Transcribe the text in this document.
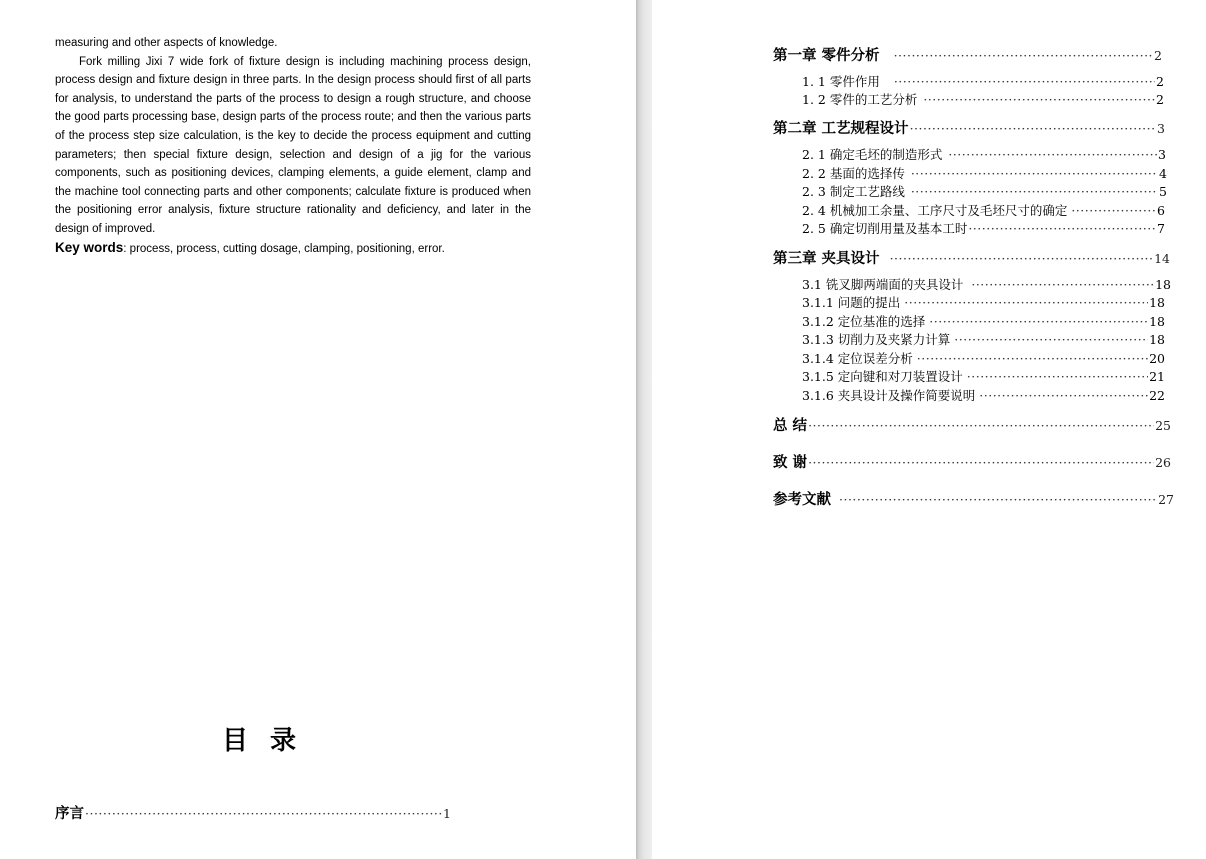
measuring and other aspects of knowledge.

Fork milling Jixi 7 wide fork of fixture design is including machining process design, process design and fixture design in three parts. In the design process should first of all parts for analysis, to understand the parts of the process to design a rough structure, and choose the good parts processing base, design parts of the process route; and then the various parts of the process step size calculation, is the key to decide the process equipment and cutting parameters; then special fixture design, selection and design of a jig for the various components, such as positioning devices, clamping elements, a guide element, clamp and the machine tool connecting parts and other components; calculate fixture is produced when the positioning error analysis, fixture structure rationality and deficiency, and later in the design of improved.

Key words: process, process, cutting dosage, clamping, positioning, error.

目录
序言 ·····	1
第一章 零件分析 ·····	2
1. 1 零件作用 ·····	2
1. 2 零件的工艺分析 ·····	2
第二章 工艺规程设计 ·····	3
2. 1 确定毛坯的制造形式 ·····	3
2. 2 基面的选择传 ·····	4
2. 3 制定工艺路线 ·····	5
2. 4 机械加工余量、工序尺寸及毛坯尺寸的确定 ·····	6
2. 5 确定切削用量及基本工时 ·····	7
第三章 夹具设计 ·····	14
3.1 铣叉脚两端面的夹具设计 ·····	18
3.1.1 问题的提出 ·····	18
3.1.2 定位基准的选择 ·····	18
3.1.3 切削力及夹紧力计算 ·····	18
3.1.4 定位误差分析 ·····	20
3.1.5 定向键和对刀装置设计 ·····	21
3.1.6 夹具设计及操作简要说明 ·····	22
总 结 ·····	25
致 谢 ·····	26
参考文献 ·····	27
